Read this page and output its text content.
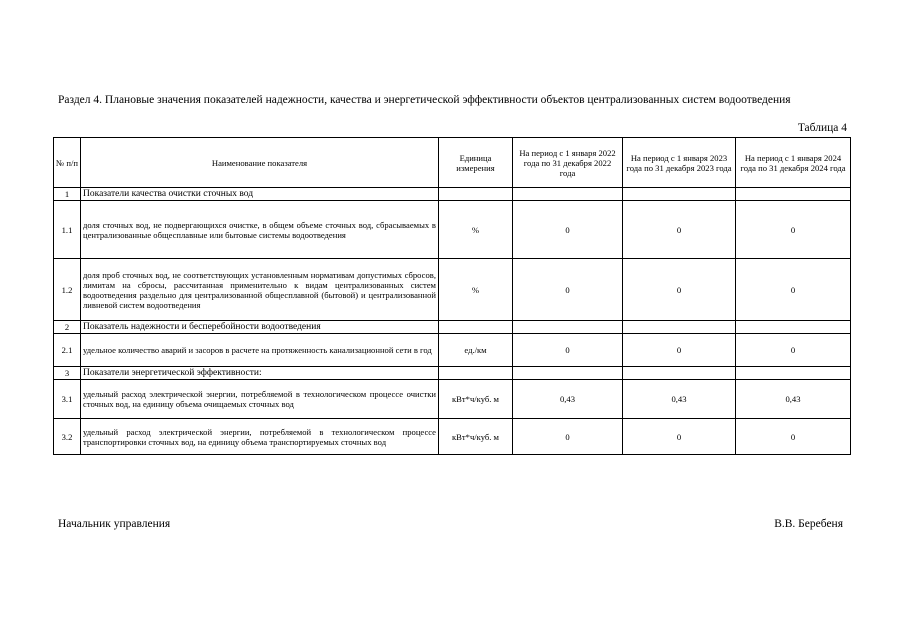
Раздел 4. Плановые значения показателей надежности, качества и энергетической эффективности объектов централизованных систем водоотведения
Таблица 4
№ п/п	Наименование показателя	Единица измерения	На период с 1 января 2022 года по 31 декабря 2022 года	На период с 1 января 2023 года по 31 декабря 2023 года	На период с 1 января 2024 года по 31 декабря 2024 года
1	Показатели качества очистки сточных вод				
1.1	доля сточных вод, не подвергающихся очистке, в общем объеме сточных вод, сбрасываемых в централизованные общесплавные или бытовые системы водоотведения	%	0	0	0
1.2	доля проб сточных вод, не соответствующих установленным нормативам допустимых сбросов, лимитам на сбросы, рассчитанная применительно к видам централизованных систем водоотведения раздельно для централизованной общесплавной (бытовой) и централизованной ливневой систем водоотведения	%	0	0	0
2	Показатель надежности и бесперебойности водоотведения				
2.1	удельное количество аварий и засоров в расчете на протяженность канализационной сети в год	ед./км	0	0	0
3	Показатели энергетической эффективности:				
3.1	удельный расход электрической энергии, потребляемой в технологическом процессе очистки сточных вод, на единицу объема очищаемых сточных вод	кВт*ч/куб. м	0,43	0,43	0,43
3.2	удельный расход электрической энергии, потребляемой в технологическом процессе транспортировки сточных вод, на единицу объема транспортируемых сточных вод	кВт*ч/куб. м	0	0	0
Начальник управления	В.В. Беребеня
